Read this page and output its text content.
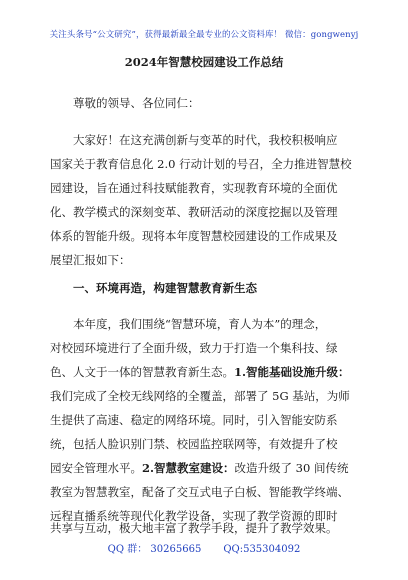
关注头条号“公文研究”，获得最新最全最专业的公文资料库！ 微信：gongwenyj
2024年智慧校园建设工作总结
尊敬的领导、各位同仁：
大家好！在这充满创新与变革的时代，我校积极响应
国家关于教育信息化 2.0 行动计划的号召，全力推进智慧校
园建设，旨在通过科技赋能教育，实现教育环境的全面优
化、教学模式的深刻变革、教研活动的深度挖掘以及管理
体系的智能升级。现将本年度智慧校园建设的工作成果及
展望汇报如下：
一、环境再造，构建智慧教育新生态
本年度，我们围绕“智慧环境，育人为本”的理念，
对校园环境进行了全面升级，致力于打造一个集科技、绿
色、人文于一体的智慧教育新生态。1.智能基础设施升级：
我们完成了全校无线网络的全覆盖，部署了 5G 基站，为师
生提供了高速、稳定的网络环境。同时，引入智能安防系
统，包括人脸识别门禁、校园监控联网等，有效提升了校
园安全管理水平。2.智慧教室建设：改造升级了 30 间传统
教室为智慧教室，配备了交互式电子白板、智能教学终端、
远程直播系统等现代化教学设备，实现了教学资源的即时
QQ 群： 30265665 QQ:535304092
共享与互动，极大地丰富了教学手段，提升了教学效果。
